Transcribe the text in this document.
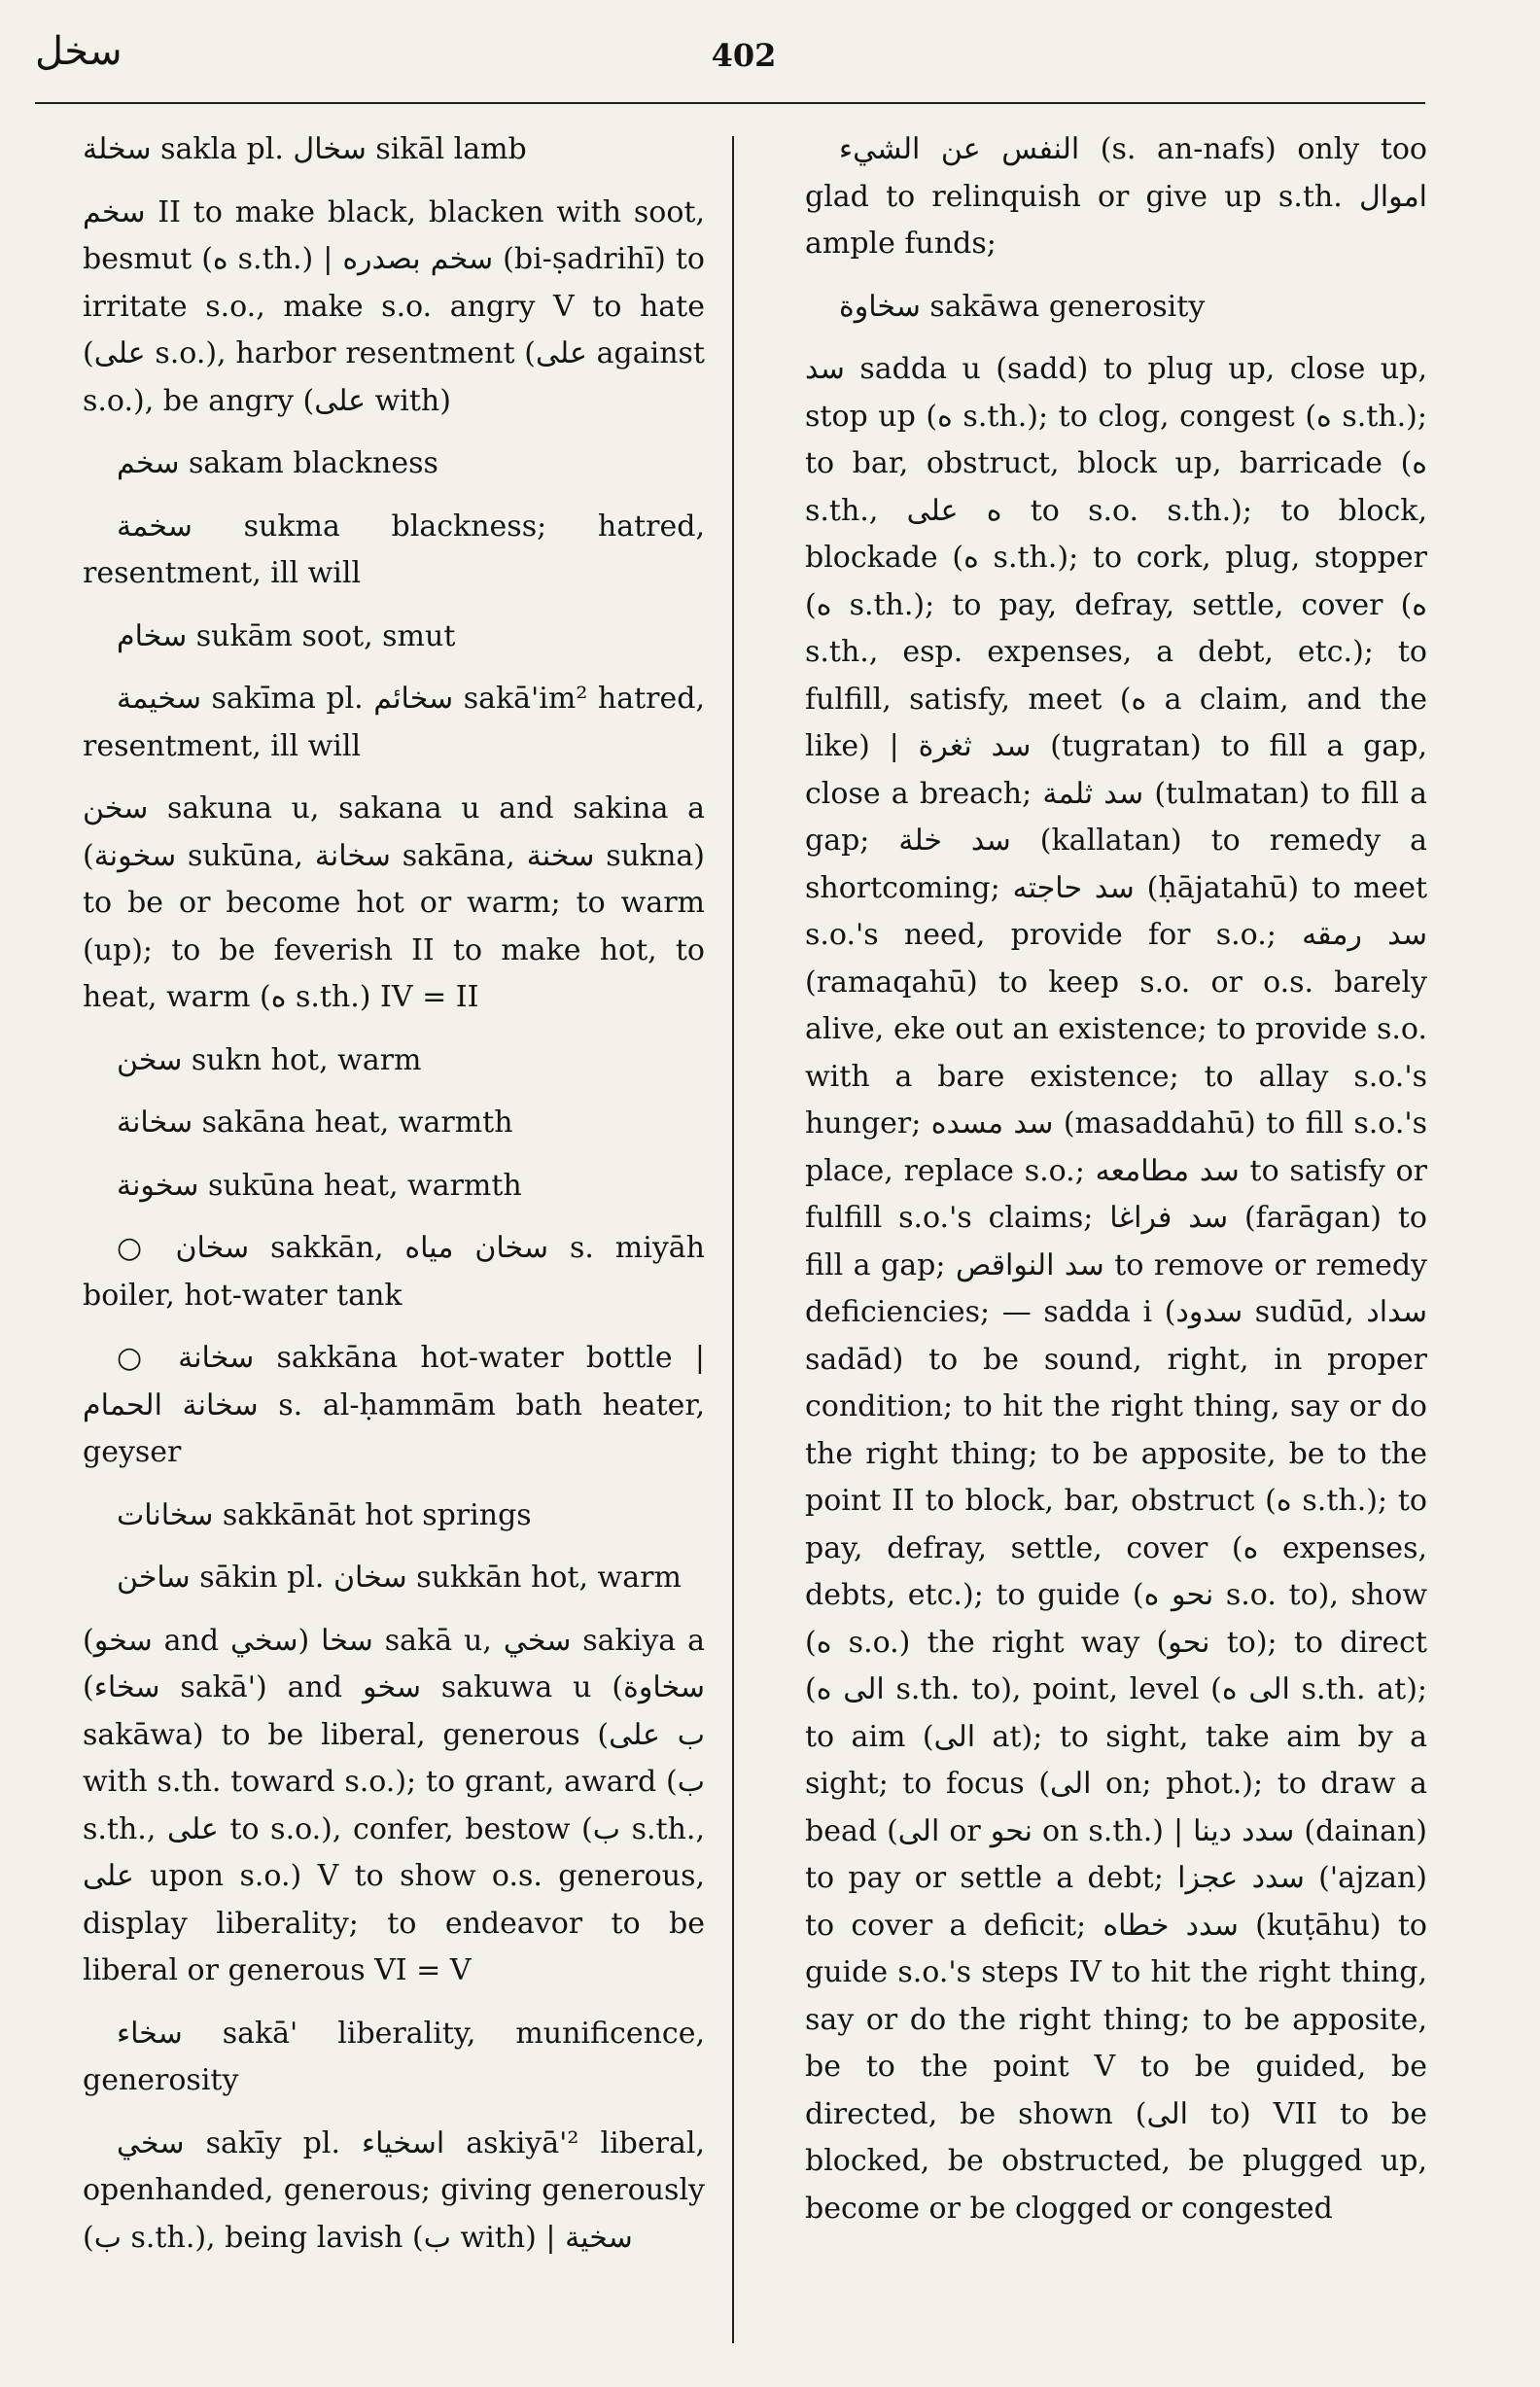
سخل	402
سخلة sakla pl. سخال sikāl lamb
سخم II to make black, blacken with soot, besmut (ه s.th.) | سخم بصدره (bi-ṣadrihī) to irritate s.o., make s.o. angry V to hate (على s.o.), harbor resentment (على against s.o.), be angry (على with)
سخم sakam blackness
سخمة sukma blackness; hatred, resentment, ill will
سخام sukām soot, smut
سخيمة sakīma pl. سخائم sakā'im² hatred, resentment, ill will
سخن sakuna u, sakana u and sakina a (سخونة sukūna, سخانة sakāna, سخنة sukna) to be or become hot or warm; to warm (up); to be feverish II to make hot, to heat, warm (ه s.th.) IV = II
سخن sukn hot, warm
سخانة sakāna heat, warmth
سخونة sukūna heat, warmth
○ سخان sakkān, سخان مياه s. miyāh boiler, hot-water tank
○ سخانة sakkāna hot-water bottle | سخانة الحمام s. al-ḥammām bath heater, geyser
سخانات sakkānāt hot springs
ساخن sākin pl. سخان sukkān hot, warm
(سخو and سخي) سخا sakā u, سخي sakiya a (سخاء sakā') and سخو sakuwa u (سخاوة sakāwa) to be liberal, generous (ب على with s.th. toward s.o.); to grant, award (ب s.th., على to s.o.), confer, bestow (ب s.th., على upon s.o.) V to show o.s. generous, display liberality; to endeavor to be liberal or generous VI = V
سخاء sakā' liberality, munificence, generosity
سخي sakīy pl. اسخياء askiyā'² liberal, openhanded, generous; giving generously (ب s.th.), being lavish (ب with) | سخية
النفس عن الشيء (s. an-nafs) only too glad to relinquish or give up s.th. اموال ample funds;
سخاوة sakāwa generosity
سد sadda u (sadd) to plug up, close up, stop up (ه s.th.); to clog, congest (ه s.th.); to bar, obstruct, block up, barricade (ه s.th., ه على to s.o. s.th.); to block, blockade (ه s.th.); to cork, plug, stopper (ه s.th.); to pay, defray, settle, cover (ه s.th., esp. expenses, a debt, etc.); to fulfill, satisfy, meet (ه a claim, and the like) | سد ثغرة (tugratan) to fill a gap, close a breach; سد ثلمة (tulmatan) to fill a gap; سد خلة (kallatan) to remedy a shortcoming; سد حاجته (ḥājatahū) to meet s.o.'s need, provide for s.o.; سد رمقه (ramaqahū) to keep s.o. or o.s. barely alive, eke out an existence; to provide s.o. with a bare existence; to allay s.o.'s hunger; سد مسده (masaddahū) to fill s.o.'s place, replace s.o.; سد مطامعه to satisfy or fulfill s.o.'s claims; سد فراغا (farāgan) to fill a gap; سد النواقص to remove or remedy deficiencies; — sadda i (سدود sudūd, سداد sadād) to be sound, right, in proper condition; to hit the right thing, say or do the right thing; to be apposite, be to the point II to block, bar, obstruct (ه s.th.); to pay, defray, settle, cover (ه expenses, debts, etc.); to guide (نحو ه s.o. to), show (ه s.o.) the right way (نحو to); to direct (الى ه s.th. to), point, level (الى ه s.th. at); to aim (الى at); to sight, take aim by a sight; to focus (الى on; phot.); to draw a bead (الى or نحو on s.th.) | سدد دينا (dainan) to pay or settle a debt; سدد عجزا ('ajzan) to cover a deficit; سدد خطاه (kuṭāhu) to guide s.o.'s steps IV to hit the right thing, say or do the right thing; to be apposite, be to the point V to be guided, be directed, be shown (الى to) VII to be blocked, be obstructed, be plugged up, become or be clogged or congested
